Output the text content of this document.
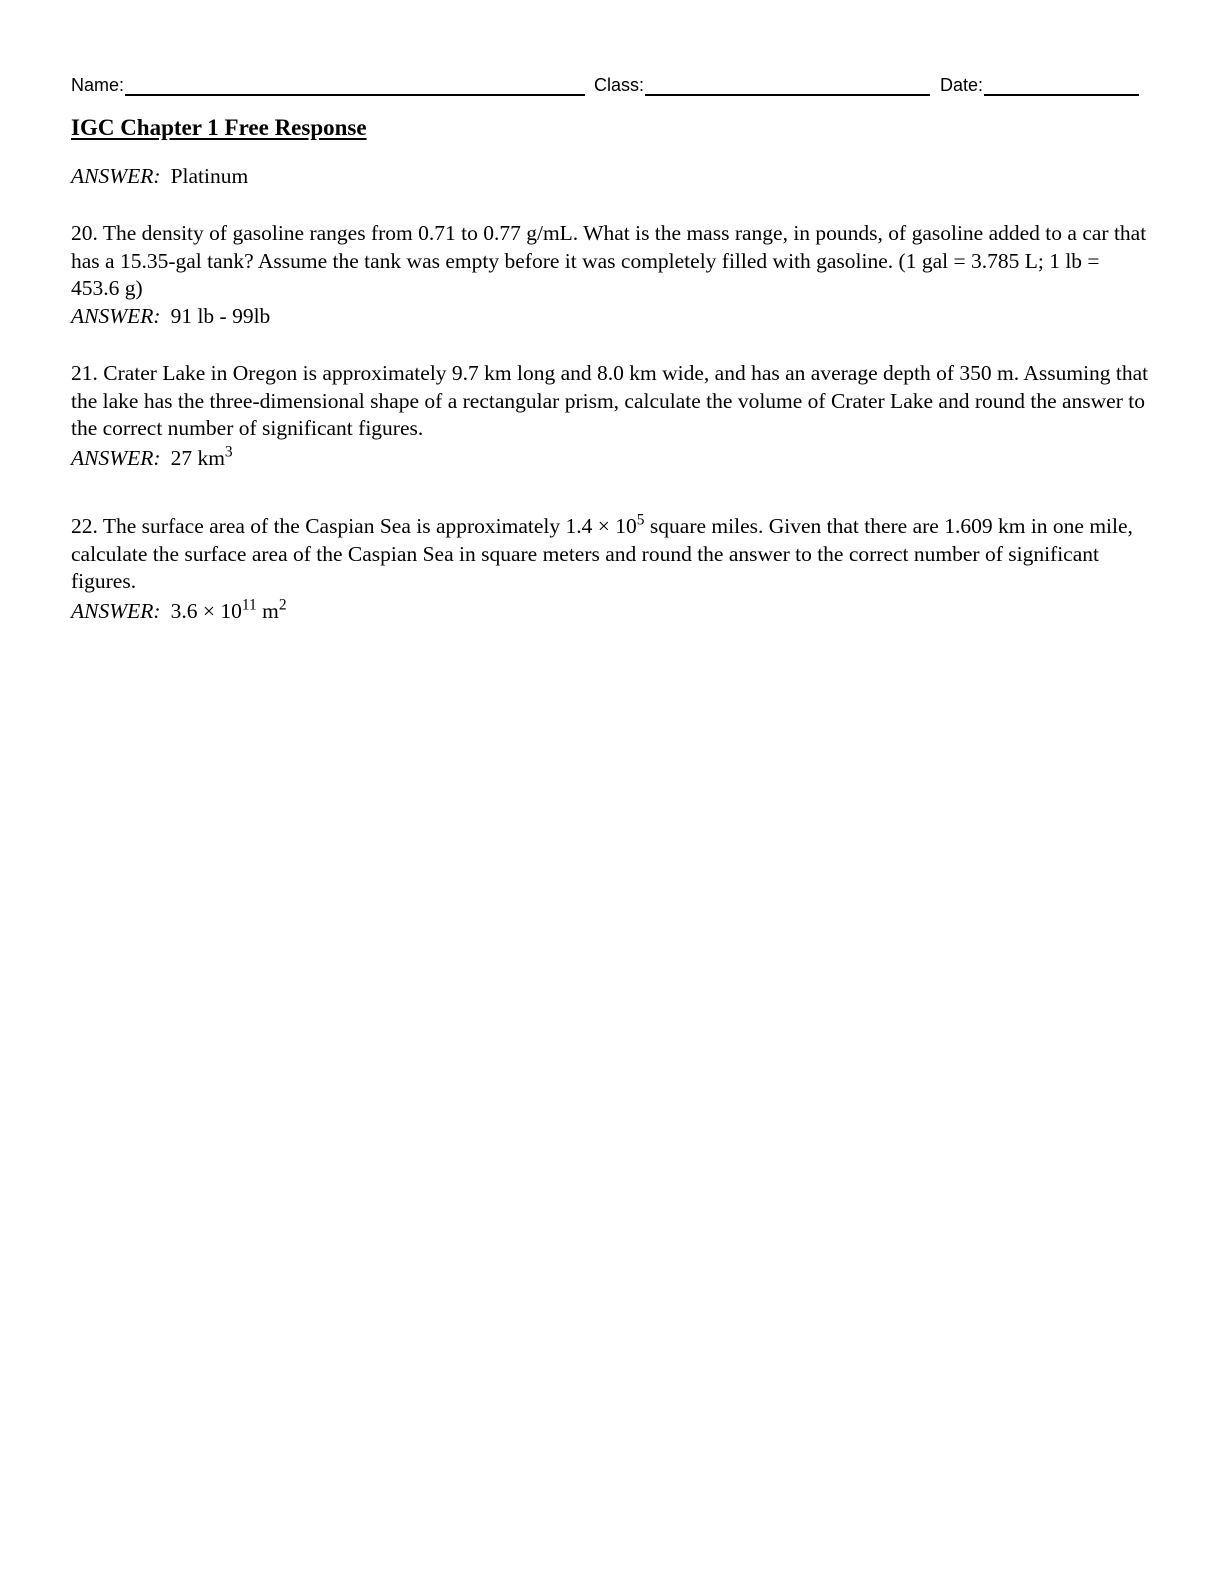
Name:	Class:	Date:
IGC Chapter 1 Free Response

ANSWER: Platinum

20. The density of gasoline ranges from 0.71 to 0.77 g/mL. What is the mass range, in pounds, of gasoline added to a car that has a 15.35-gal tank? Assume the tank was empty before it was completely filled with gasoline. (1 gal = 3.785 L; 1 lb = 453.6 g)

ANSWER: 91 lb - 99lb

21. Crater Lake in Oregon is approximately 9.7 km long and 8.0 km wide, and has an average depth of 350 m. Assuming that the lake has the three-dimensional shape of a rectangular prism, calculate the volume of Crater Lake and round the answer to the correct number of significant figures.

ANSWER: 27 $km^3$

22. The surface area of the Caspian Sea is approximately $1.4 \times 10^5$ square miles. Given that there are 1.609 km in one mile, calculate the surface area of the Caspian Sea in square meters and round the answer to the correct number of significant figures.

ANSWER: $3.6 \times 10^{11}$ $m^2$
